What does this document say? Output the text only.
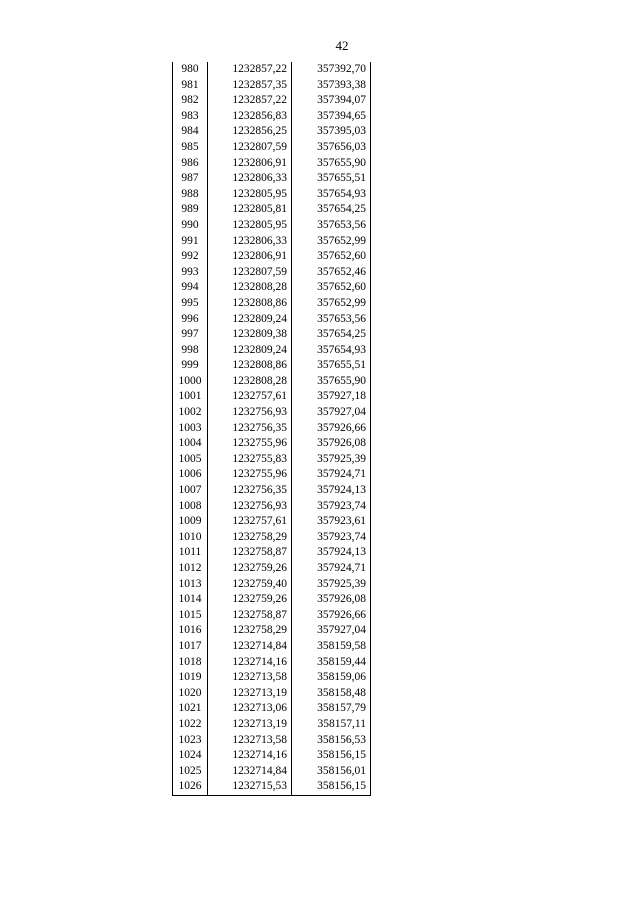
42
980	1232857,22	357392,70
981	1232857,35	357393,38
982	1232857,22	357394,07
983	1232856,83	357394,65
984	1232856,25	357395,03
985	1232807,59	357656,03
986	1232806,91	357655,90
987	1232806,33	357655,51
988	1232805,95	357654,93
989	1232805,81	357654,25
990	1232805,95	357653,56
991	1232806,33	357652,99
992	1232806,91	357652,60
993	1232807,59	357652,46
994	1232808,28	357652,60
995	1232808,86	357652,99
996	1232809,24	357653,56
997	1232809,38	357654,25
998	1232809,24	357654,93
999	1232808,86	357655,51
1000	1232808,28	357655,90
1001	1232757,61	357927,18
1002	1232756,93	357927,04
1003	1232756,35	357926,66
1004	1232755,96	357926,08
1005	1232755,83	357925,39
1006	1232755,96	357924,71
1007	1232756,35	357924,13
1008	1232756,93	357923,74
1009	1232757,61	357923,61
1010	1232758,29	357923,74
1011	1232758,87	357924,13
1012	1232759,26	357924,71
1013	1232759,40	357925,39
1014	1232759,26	357926,08
1015	1232758,87	357926,66
1016	1232758,29	357927,04
1017	1232714,84	358159,58
1018	1232714,16	358159,44
1019	1232713,58	358159,06
1020	1232713,19	358158,48
1021	1232713,06	358157,79
1022	1232713,19	358157,11
1023	1232713,58	358156,53
1024	1232714,16	358156,15
1025	1232714,84	358156,01
1026	1232715,53	358156,15
